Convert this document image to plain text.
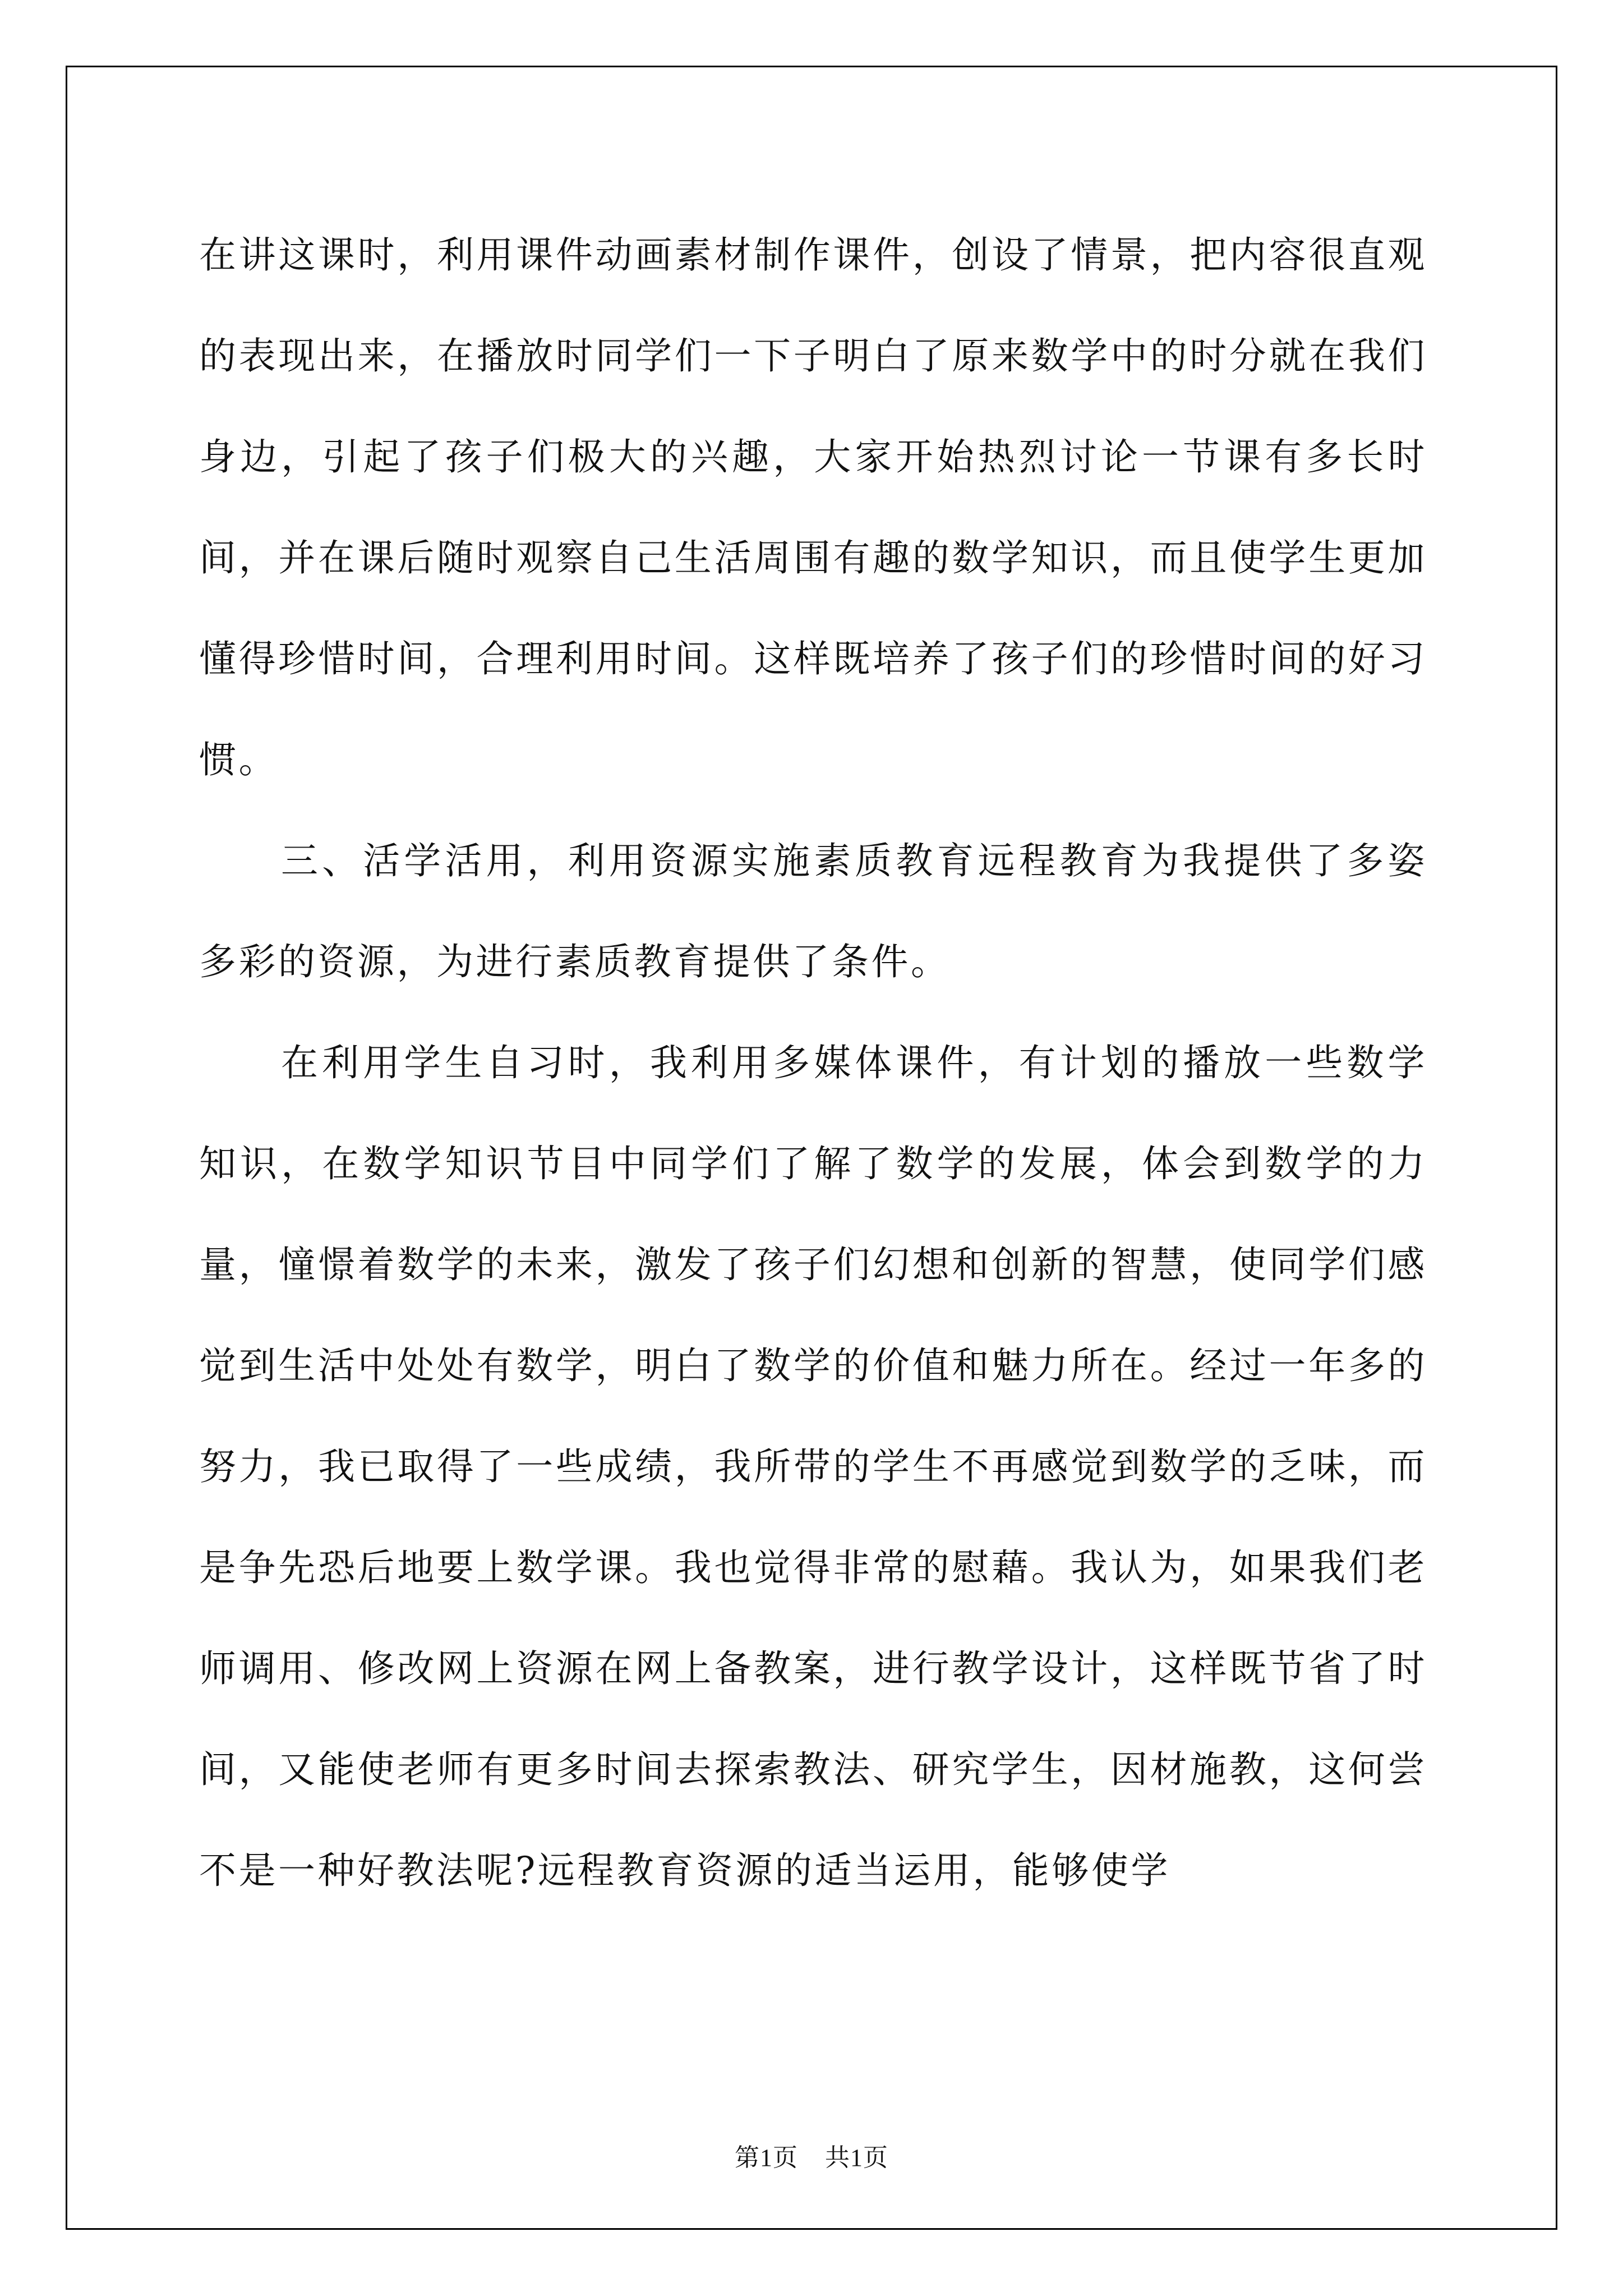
在讲这课时，利用课件动画素材制作课件，创设了情景，把内容很直观的表现出来，在播放时同学们一下子明白了原来数学中的时分就在我们身边，引起了孩子们极大的兴趣，大家开始热烈讨论一节课有多长时间，并在课后随时观察自己生活周围有趣的数学知识，而且使学生更加懂得珍惜时间，合理利用时间。这样既培养了孩子们的珍惜时间的好习惯。

三、活学活用，利用资源实施素质教育远程教育为我提供了多姿多彩的资源，为进行素质教育提供了条件。

在利用学生自习时，我利用多媒体课件，有计划的播放一些数学知识，在数学知识节目中同学们了解了数学的发展，体会到数学的力量，憧憬着数学的未来，激发了孩子们幻想和创新的智慧，使同学们感觉到生活中处处有数学，明白了数学的价值和魅力所在。经过一年多的努力，我已取得了一些成绩，我所带的学生不再感觉到数学的乏味，而是争先恐后地要上数学课。我也觉得非常的慰藉。我认为，如果我们老师调用、修改网上资源在网上备教案，进行教学设计，这样既节省了时间，又能使老师有更多时间去探索教法、研究学生，因材施教，这何尝不是一种好教法呢?远程教育资源的适当运用，能够使学

第1页 共1页
